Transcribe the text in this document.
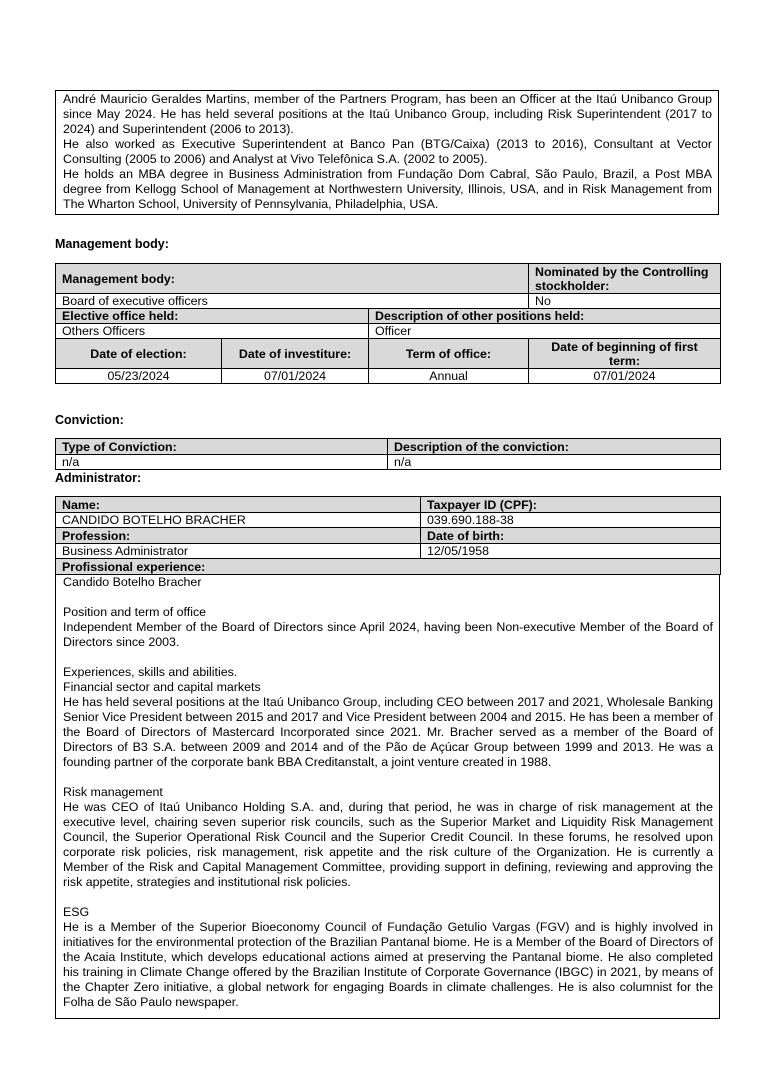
André Mauricio Geraldes Martins, member of the Partners Program, has been an Officer at the Itaú Unibanco Group since May 2024. He has held several positions at the Itaú Unibanco Group, including Risk Superintendent (2017 to 2024) and Superintendent (2006 to 2013).

He also worked as Executive Superintendent at Banco Pan (BTG/Caixa) (2013 to 2016), Consultant at Vector Consulting (2005 to 2006) and Analyst at Vivo Telefônica S.A. (2002 to 2005).

He holds an MBA degree in Business Administration from Fundação Dom Cabral, São Paulo, Brazil, a Post MBA degree from Kellogg School of Management at Northwestern University, Illinois, USA, and in Risk Management from The Wharton School, University of Pennsylvania, Philadelphia, USA.

Management body:
Management body:			Nominated by the Controlling stockholder:
Board of executive officers			No
Elective office held:		Description of other positions held:	
Others Officers		Officer	
Date of election:	Date of investiture:	Term of office:	Date of beginning of first term:
05/23/2024	07/01/2024	Annual	07/01/2024
Conviction:
Type of Conviction:	Description of the conviction:
n/a	n/a
Administrator:
Name:	Taxpayer ID (CPF):
CANDIDO BOTELHO BRACHER	039.690.188-38
Profession:	Date of birth:
Business Administrator	12/05/1958
Profissional experience:	

Candido Botelho Bracher

Position and term of office

Independent Member of the Board of Directors since April 2024, having been Non-executive Member of the Board of Directors since 2003.

Experiences, skills and abilities.

Financial sector and capital markets

He has held several positions at the Itaú Unibanco Group, including CEO between 2017 and 2021, Wholesale Banking Senior Vice President between 2015 and 2017 and Vice President between 2004 and 2015. He has been a member of the Board of Directors of Mastercard Incorporated since 2021. Mr. Bracher served as a member of the Board of Directors of B3 S.A. between 2009 and 2014 and of the Pão de Açúcar Group between 1999 and 2013. He was a founding partner of the corporate bank BBA Creditanstalt, a joint venture created in 1988.

Risk management

He was CEO of Itaú Unibanco Holding S.A. and, during that period, he was in charge of risk management at the executive level, chairing seven superior risk councils, such as the Superior Market and Liquidity Risk Management Council, the Superior Operational Risk Council and the Superior Credit Council. In these forums, he resolved upon corporate risk policies, risk management, risk appetite and the risk culture of the Organization. He is currently a Member of the Risk and Capital Management Committee, providing support in defining, reviewing and approving the risk appetite, strategies and institutional risk policies.

ESG

He is a Member of the Superior Bioeconomy Council of Fundação Getulio Vargas (FGV) and is highly involved in initiatives for the environmental protection of the Brazilian Pantanal biome. He is a Member of the Board of Directors of the Acaia Institute, which develops educational actions aimed at preserving the Pantanal biome. He also completed his training in Climate Change offered by the Brazilian Institute of Corporate Governance (IBGC) in 2021, by means of the Chapter Zero initiative, a global network for engaging Boards in climate challenges. He is also columnist for the Folha de São Paulo newspaper.
